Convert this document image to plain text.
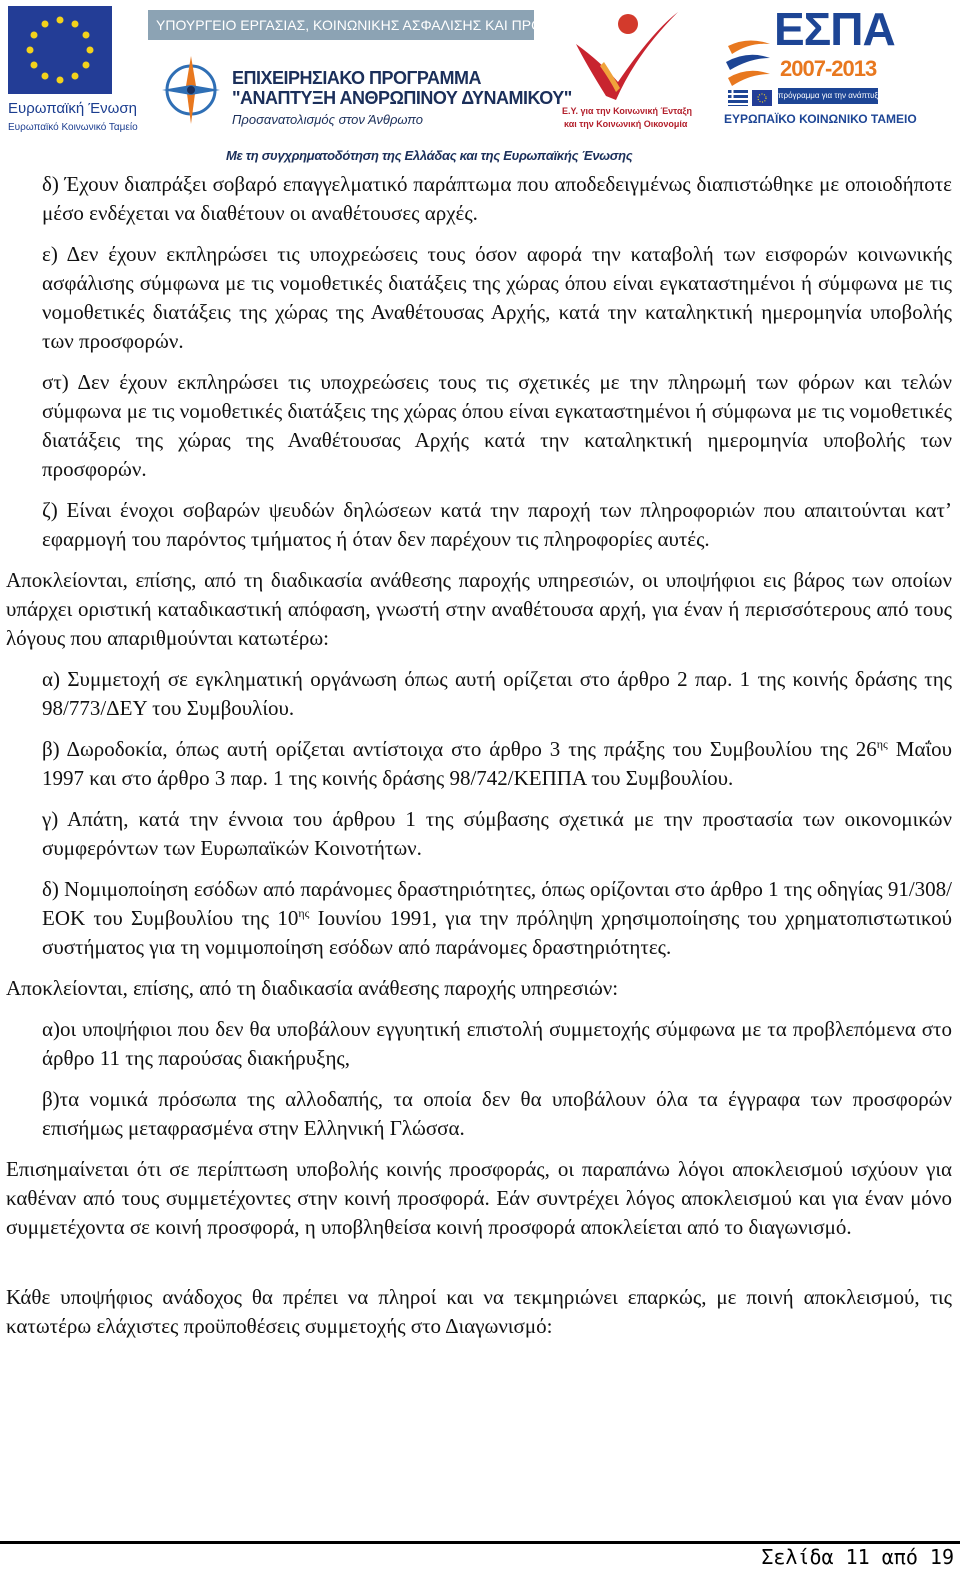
Ευρωπαϊκή Ένωση
Ευρωπαϊκό Κοινωνικό Ταμείο
ΥΠΟΥΡΓΕΙΟ ΕΡΓΑΣΙΑΣ, ΚΟΙΝΩΝΙΚΗΣ ΑΣΦΑΛΙΣΗΣ ΚΑΙ ΠΡΟΝΟΙΑΣ
ΕΠΙΧΕΙΡΗΣΙΑΚΟ ΠΡΟΓΡΑΜΜΑ
"ΑΝΑΠΤΥΞΗ ΑΝΘΡΩΠΙΝΟΥ ΔΥΝΑΜΙΚΟΥ"
Προσανατολισμός στον Άνθρωπο
Με τη συγχρηματοδότηση της Ελλάδας και της Ευρωπαϊκής Ένωσης
Ε.Υ. για την Κοινωνική Ένταξη
και την Κοινωνική Οικονομία
ΕΣΠΑ
2007-2013
πρόγραμμα για την ανάπτυξη
ΕΥΡΩΠΑΪΚΟ ΚΟΙΝΩΝΙΚΟ ΤΑΜΕΙΟ

δ) Έχουν διαπράξει σοβαρό επαγγελματικό παράπτωμα που αποδεδειγμένως διαπιστώθηκε με οποιοδήποτε μέσο ενδέχεται να διαθέτουν οι αναθέτουσες αρχές.

ε) Δεν έχουν εκπληρώσει τις υποχρεώσεις τους όσον αφορά την καταβολή των εισφορών κοινωνικής ασφάλισης σύμφωνα με τις νομοθετικές διατάξεις της χώρας όπου είναι εγκαταστημένοι ή σύμφωνα με τις νομοθετικές διατάξεις της χώρας της Αναθέτουσας Αρχής, κατά την καταληκτική ημερομηνία υποβολής των προσφορών.

στ) Δεν έχουν εκπληρώσει τις υποχρεώσεις τους τις σχετικές με την πληρωμή των φόρων και τελών σύμφωνα με τις νομοθετικές διατάξεις της χώρας όπου είναι εγκαταστημένοι ή σύμφωνα με τις νομοθετικές διατάξεις της χώρας της Αναθέτουσας Αρχής κατά την καταληκτική ημερομηνία υποβολής των προσφορών.

ζ) Είναι ένοχοι σοβαρών ψευδών δηλώσεων κατά την παροχή των πληροφοριών που απαιτούνται κατ’ εφαρμογή του παρόντος τμήματος ή όταν δεν παρέχουν τις πληροφορίες αυτές.

Αποκλείονται, επίσης, από τη διαδικασία ανάθεσης παροχής υπηρεσιών, οι υποψήφιοι εις βάρος των οποίων υπάρχει οριστική καταδικαστική απόφαση, γνωστή στην αναθέτουσα αρχή, για έναν ή περισσότερους από τους λόγους που απαριθμούνται κατωτέρω:

α) Συμμετοχή σε εγκληματική οργάνωση όπως αυτή ορίζεται στο άρθρο 2 παρ. 1 της κοινής δράσης της 98/773/ΔΕΥ του Συμβουλίου.

β) Δωροδοκία, όπως αυτή ορίζεται αντίστοιχα στο άρθρο 3 της πράξης του Συμβουλίου της $26^{\eta\varsigma}$ Μαΐου 1997 και στο άρθρο 3 παρ. 1 της κοινής δράσης 98/742/ΚΕΠΠΑ του Συμβουλίου.

γ) Απάτη, κατά την έννοια του άρθρου 1 της σύμβασης σχετικά με την προστασία των οικονομικών συμφερόντων των Ευρωπαϊκών Κοινοτήτων.

δ) Νομιμοποίηση εσόδων από παράνομες δραστηριότητες, όπως ορίζονται στο άρθρο 1 της οδηγίας 91/308/ΕΟΚ του Συμβουλίου της $10^{\eta\varsigma}$ Ιουνίου 1991, για την πρόληψη χρησιμοποίησης του χρηματοπιστωτικού συστήματος για τη νομιμοποίηση εσόδων από παράνομες δραστηριότητες.

Αποκλείονται, επίσης, από τη διαδικασία ανάθεσης παροχής υπηρεσιών:

α)οι υποψήφιοι που δεν θα υποβάλουν εγγυητική επιστολή συμμετοχής σύμφωνα με τα προβλεπόμενα στο άρθρο 11 της παρούσας διακήρυξης,

β)τα νομικά πρόσωπα της αλλοδαπής, τα οποία δεν θα υποβάλουν όλα τα έγγραφα των προσφορών επισήμως μεταφρασμένα στην Ελληνική Γλώσσα.

Επισημαίνεται ότι σε περίπτωση υποβολής κοινής προσφοράς, οι παραπάνω λόγοι αποκλεισμού ισχύουν για καθέναν από τους συμμετέχοντες στην κοινή προσφορά. Εάν συντρέχει λόγος αποκλεισμού και για έναν μόνο συμμετέχοντα σε κοινή προσφορά, η υποβληθείσα κοινή προσφορά αποκλείεται από το διαγωνισμό.

Κάθε υποψήφιος ανάδοχος θα πρέπει να πληροί και να τεκμηριώνει επαρκώς, με ποινή αποκλεισμού, τις κατωτέρω ελάχιστες προϋποθέσεις συμμετοχής στο Διαγωνισμό:

Σελίδα 11 από 19
